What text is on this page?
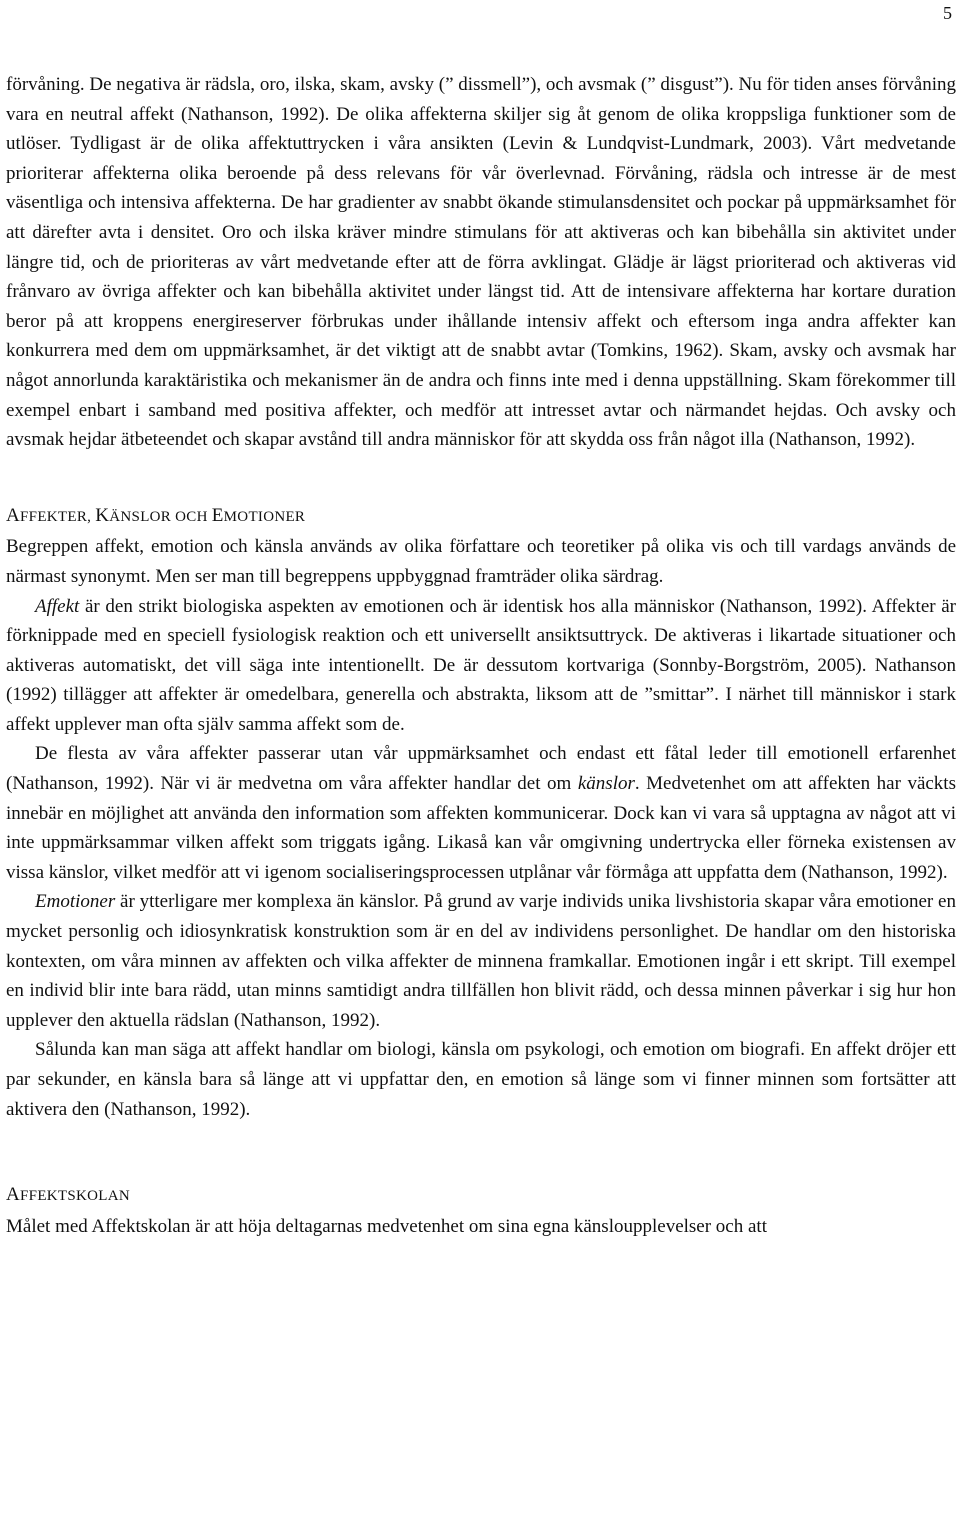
5

förvåning. De negativa är rädsla, oro, ilska, skam, avsky (” dissmell”), och avsmak (” disgust”). Nu för tiden anses förvåning vara en neutral affekt (Nathanson, 1992). De olika affekterna skiljer sig åt genom de olika kroppsliga funktioner som de utlöser. Tydligast är de olika affektuttrycken i våra ansikten (Levin & Lundqvist-Lundmark, 2003). Vårt medvetande prioriterar affekterna olika beroende på dess relevans för vår överlevnad. Förvåning, rädsla och intresse är de mest väsentliga och intensiva affekterna. De har gradienter av snabbt ökande stimulansdensitet och pockar på uppmärksamhet för att därefter avta i densitet. Oro och ilska kräver mindre stimulans för att aktiveras och kan bibehålla sin aktivitet under längre tid, och de prioriteras av vårt medvetande efter att de förra avklingat. Glädje är lägst prioriterad och aktiveras vid frånvaro av övriga affekter och kan bibehålla aktivitet under längst tid. Att de intensivare affekterna har kortare duration beror på att kroppens energireserver förbrukas under ihållande intensiv affekt och eftersom inga andra affekter kan konkurrera med dem om uppmärksamhet, är det viktigt att de snabbt avtar (Tomkins, 1962). Skam, avsky och avsmak har något annorlunda karaktäristika och mekanismer än de andra och finns inte med i denna uppställning. Skam förekommer till exempel enbart i samband med positiva affekter, och medför att intresset avtar och närmandet hejdas. Och avsky och avsmak hejdar ätbeteendet och skapar avstånd till andra människor för att skydda oss från något illa (Nathanson, 1992).

AFFEKTER, KÄNSLOR OCH EMOTIONER

Begreppen affekt, emotion och känsla används av olika författare och teoretiker på olika vis och till vardags används de närmast synonymt. Men ser man till begreppens uppbyggnad framträder olika särdrag.

Affekt är den strikt biologiska aspekten av emotionen och är identisk hos alla människor (Nathanson, 1992). Affekter är förknippade med en speciell fysiologisk reaktion och ett universellt ansiktsuttryck. De aktiveras i likartade situationer och aktiveras automatiskt, det vill säga inte intentionellt. De är dessutom kortvariga (Sonnby-Borgström, 2005). Nathanson (1992) tillägger att affekter är omedelbara, generella och abstrakta, liksom att de ”smittar”. I närhet till människor i stark affekt upplever man ofta själv samma affekt som de.

De flesta av våra affekter passerar utan vår uppmärksamhet och endast ett fåtal leder till emotionell erfarenhet (Nathanson, 1992). När vi är medvetna om våra affekter handlar det om känslor. Medvetenhet om att affekten har väckts innebär en möjlighet att använda den information som affekten kommunicerar. Dock kan vi vara så upptagna av något att vi inte uppmärksammar vilken affekt som triggats igång. Likaså kan vår omgivning undertrycka eller förneka existensen av vissa känslor, vilket medför att vi igenom socialiseringsprocessen utplånar vår förmåga att uppfatta dem (Nathanson, 1992).

Emotioner är ytterligare mer komplexa än känslor. På grund av varje individs unika livshistoria skapar våra emotioner en mycket personlig och idiosynkratisk konstruktion som är en del av individens personlighet. De handlar om den historiska kontexten, om våra minnen av affekten och vilka affekter de minnena framkallar. Emotionen ingår i ett skript. Till exempel en individ blir inte bara rädd, utan minns samtidigt andra tillfällen hon blivit rädd, och dessa minnen påverkar i sig hur hon upplever den aktuella rädslan (Nathanson, 1992).

Sålunda kan man säga att affekt handlar om biologi, känsla om psykologi, och emotion om biografi. En affekt dröjer ett par sekunder, en känsla bara så länge att vi uppfattar den, en emotion så länge som vi finner minnen som fortsätter att aktivera den (Nathanson, 1992).

AFFEKTSKOLAN

Målet med Affektskolan är att höja deltagarnas medvetenhet om sina egna känsloupplevelser och att
